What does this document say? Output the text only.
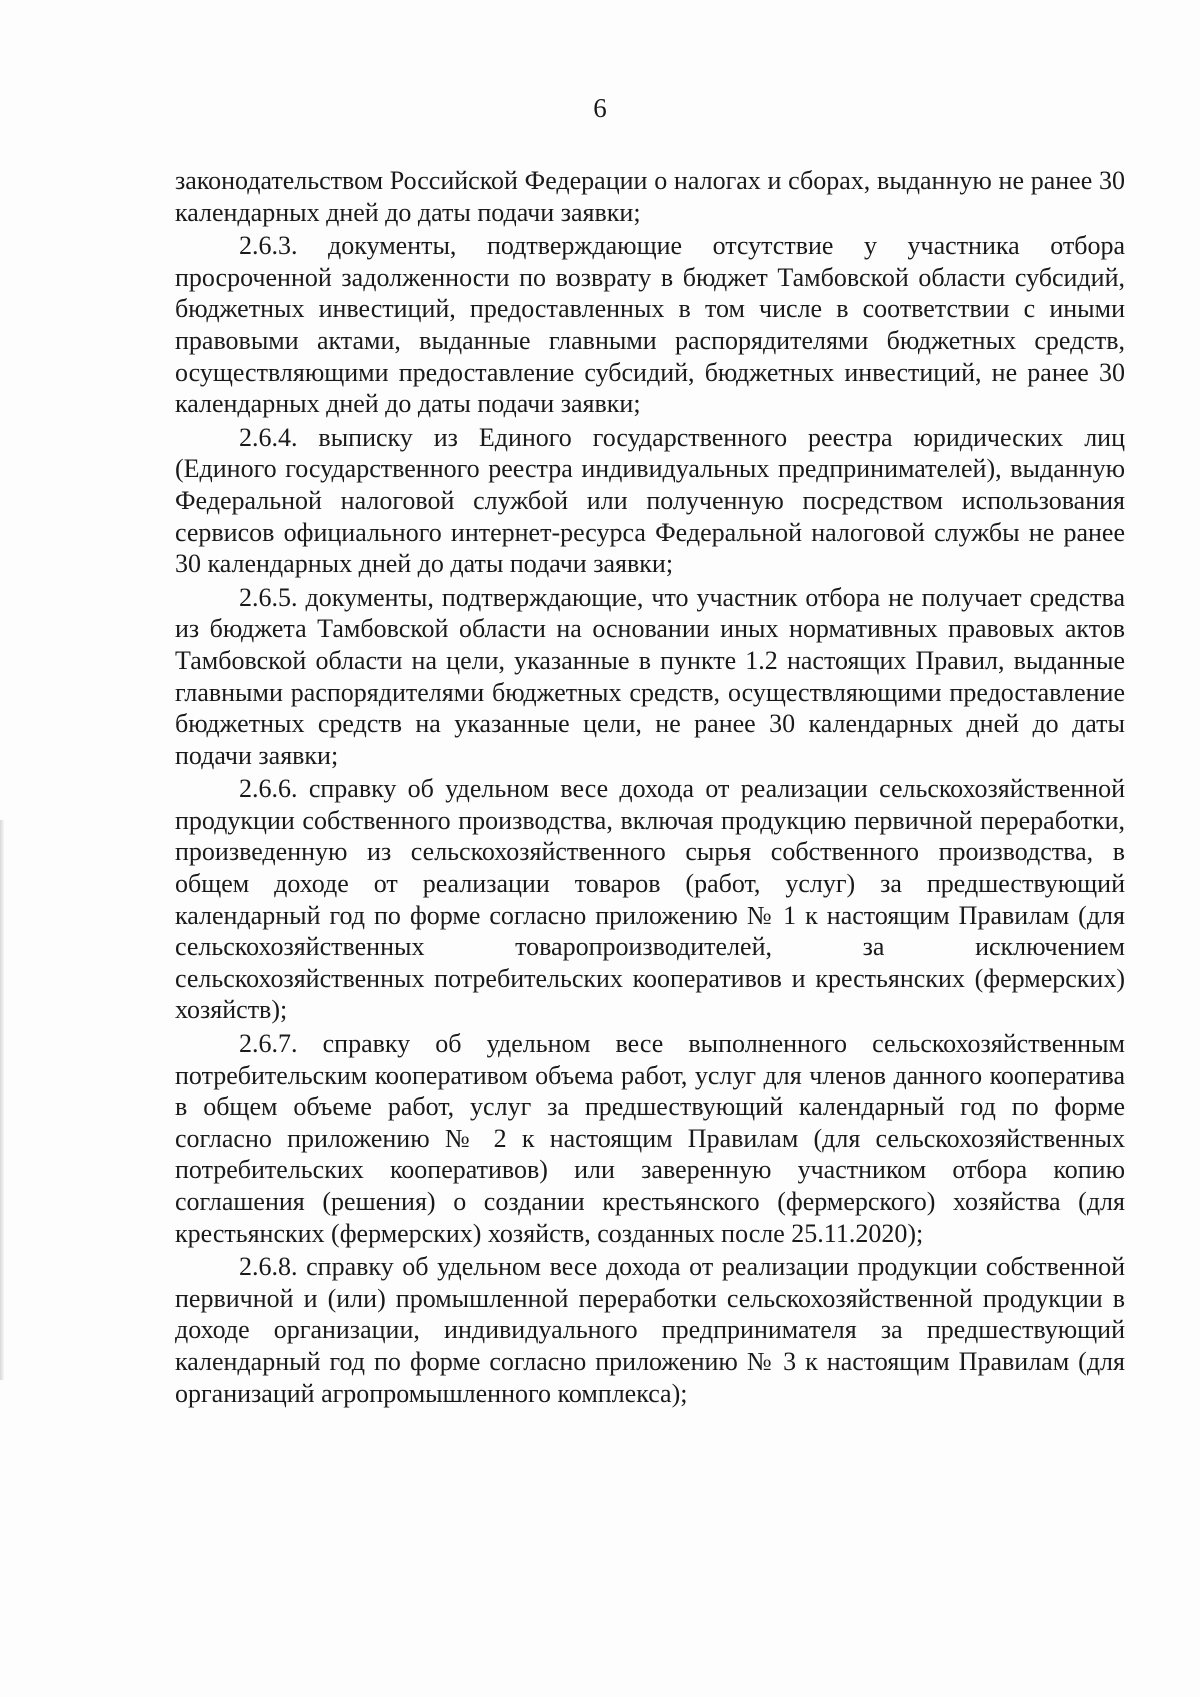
6

законодательством Российской Федерации о налогах и сборах, выданную не ранее 30 календарных дней до даты подачи заявки;

2.6.3. документы, подтверждающие отсутствие у участника отбора просроченной задолженности по возврату в бюджет Тамбовской области субсидий, бюджетных инвестиций, предоставленных в том числе в соответствии с иными правовыми актами, выданные главными распорядителями бюджетных средств, осуществляющими предоставление субсидий, бюджетных инвестиций, не ранее 30 календарных дней до даты подачи заявки;

2.6.4. выписку из Единого государственного реестра юридических лиц (Единого государственного реестра индивидуальных предпринимателей), выданную Федеральной налоговой службой или полученную посредством использования сервисов официального интернет-ресурса Федеральной налоговой службы не ранее 30 календарных дней до даты подачи заявки;

2.6.5. документы, подтверждающие, что участник отбора не получает средства из бюджета Тамбовской области на основании иных нормативных правовых актов Тамбовской области на цели, указанные в пункте 1.2 настоящих Правил, выданные главными распорядителями бюджетных средств, осуществляющими предоставление бюджетных средств на указанные цели, не ранее 30 календарных дней до даты подачи заявки;

2.6.6. справку об удельном весе дохода от реализации сельскохозяйственной продукции собственного производства, включая продукцию первичной переработки, произведенную из сельскохозяйственного сырья собственного производства, в общем доходе от реализации товаров (работ, услуг) за предшествующий календарный год по форме согласно приложению № 1 к настоящим Правилам (для сельскохозяйственных товаропроизводителей, за исключением сельскохозяйственных потребительских кооперативов и крестьянских (фермерских) хозяйств);

2.6.7. справку об удельном весе выполненного сельскохозяйственным потребительским кооперативом объема работ, услуг для членов данного кооператива в общем объеме работ, услуг за предшествующий календарный год по форме согласно приложению № 2 к настоящим Правилам (для сельскохозяйственных потребительских кооперативов) или заверенную участником отбора копию соглашения (решения) о создании крестьянского (фермерского) хозяйства (для крестьянских (фермерских) хозяйств, созданных после 25.11.2020);

2.6.8. справку об удельном весе дохода от реализации продукции собственной первичной и (или) промышленной переработки сельскохозяйственной продукции в доходе организации, индивидуального предпринимателя за предшествующий календарный год по форме согласно приложению № 3 к настоящим Правилам (для организаций агропромышленного комплекса);
